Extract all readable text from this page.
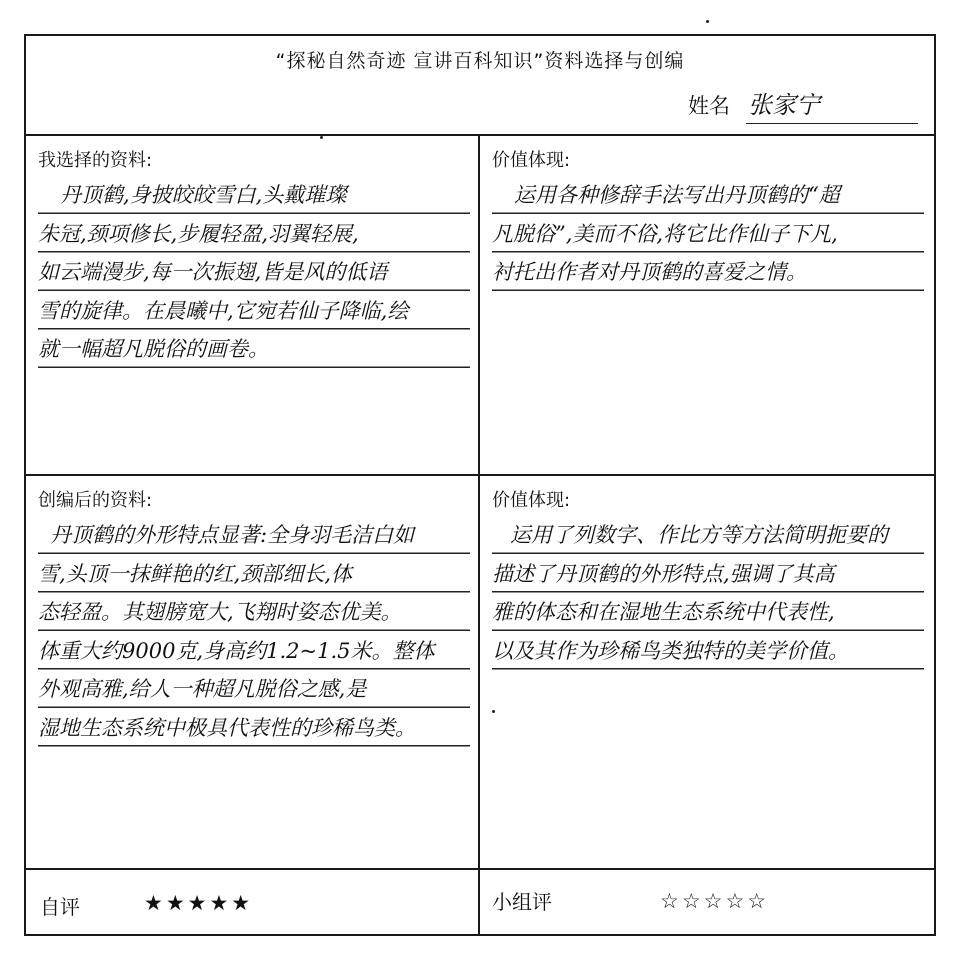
“探秘自然奇迹 宣讲百科知识”资料选择与创编
姓名 张家宁
我选择的资料:
丹顶鹤,身披皎皎雪白,头戴璀璨
朱冠,颈项修长,步履轻盈,羽翼轻展,
如云端漫步,每一次振翅,皆是风的低语
雪的旋律。在晨曦中,它宛若仙子降临,绘
就一幅超凡脱俗的画卷。
价值体现:
运用各种修辞手法写出丹顶鹤的“超
凡脱俗”,美而不俗,将它比作仙子下凡,
衬托出作者对丹顶鹤的喜爱之情。
创编后的资料:
丹顶鹤的外形特点显著:全身羽毛洁白如
雪,头顶一抹鲜艳的红,颈部细长,体
态轻盈。其翅膀宽大,飞翔时姿态优美。
体重大约9000克,身高约1.2~1.5米。整体
外观高雅,给人一种超凡脱俗之感,是
湿地生态系统中极具代表性的珍稀鸟类。
价值体现:
运用了列数字、作比方等方法简明扼要的
描述了丹顶鹤的外形特点,强调了其高
雅的体态和在湿地生态系统中代表性,
以及其作为珍稀鸟类独特的美学价值。
自评	★★★★★	小组评	☆☆☆☆☆
